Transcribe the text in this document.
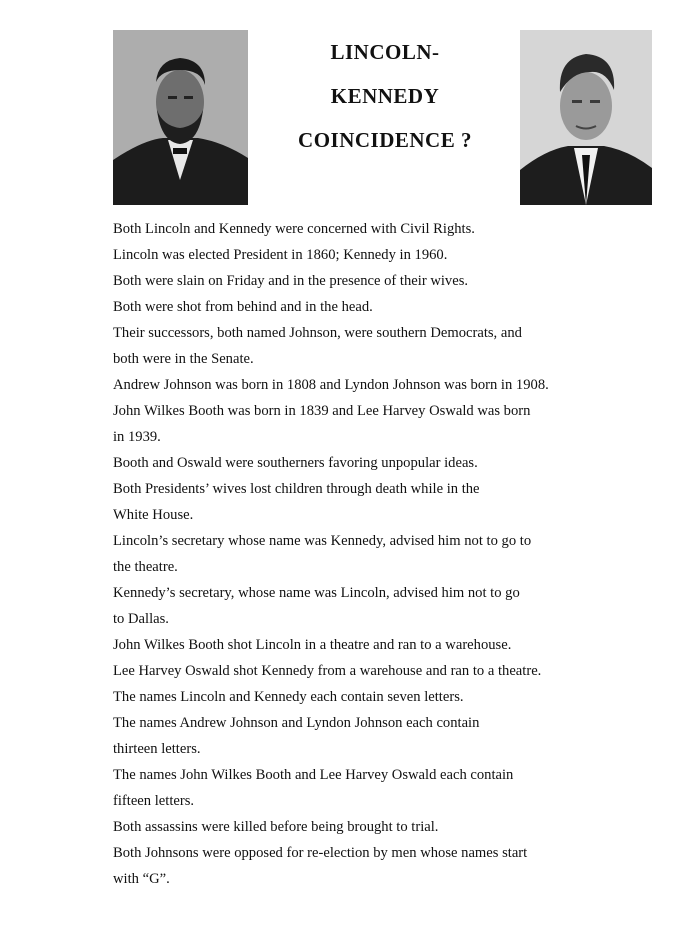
LINCOLN-
KENNEDY
COINCIDENCE ?
Both Lincoln and Kennedy were concerned with Civil Rights.
Lincoln was elected President in 1860; Kennedy in 1960.
Both were slain on Friday and in the presence of their wives.
Both were shot from behind and in the head.
Their successors, both named Johnson, were southern Democrats, and
both were in the Senate.
Andrew Johnson was born in 1808 and Lyndon Johnson was born in 1908.
John Wilkes Booth was born in 1839 and Lee Harvey Oswald was born
in 1939.
Booth and Oswald were southerners favoring unpopular ideas.
Both Presidents’ wives lost children through death while in the
White House.
Lincoln’s secretary whose name was Kennedy, advised him not to go to
the theatre.
Kennedy’s secretary, whose name was Lincoln, advised him not to go
to Dallas.
John Wilkes Booth shot Lincoln in a theatre and ran to a warehouse.
Lee Harvey Oswald shot Kennedy from a warehouse and ran to a theatre.
The names Lincoln and Kennedy each contain seven letters.
The names Andrew Johnson and Lyndon Johnson each contain
thirteen letters.
The names John Wilkes Booth and Lee Harvey Oswald each contain
fifteen letters.
Both assassins were killed before being brought to trial.
Both Johnsons were opposed for re-election by men whose names start
with “G”.
